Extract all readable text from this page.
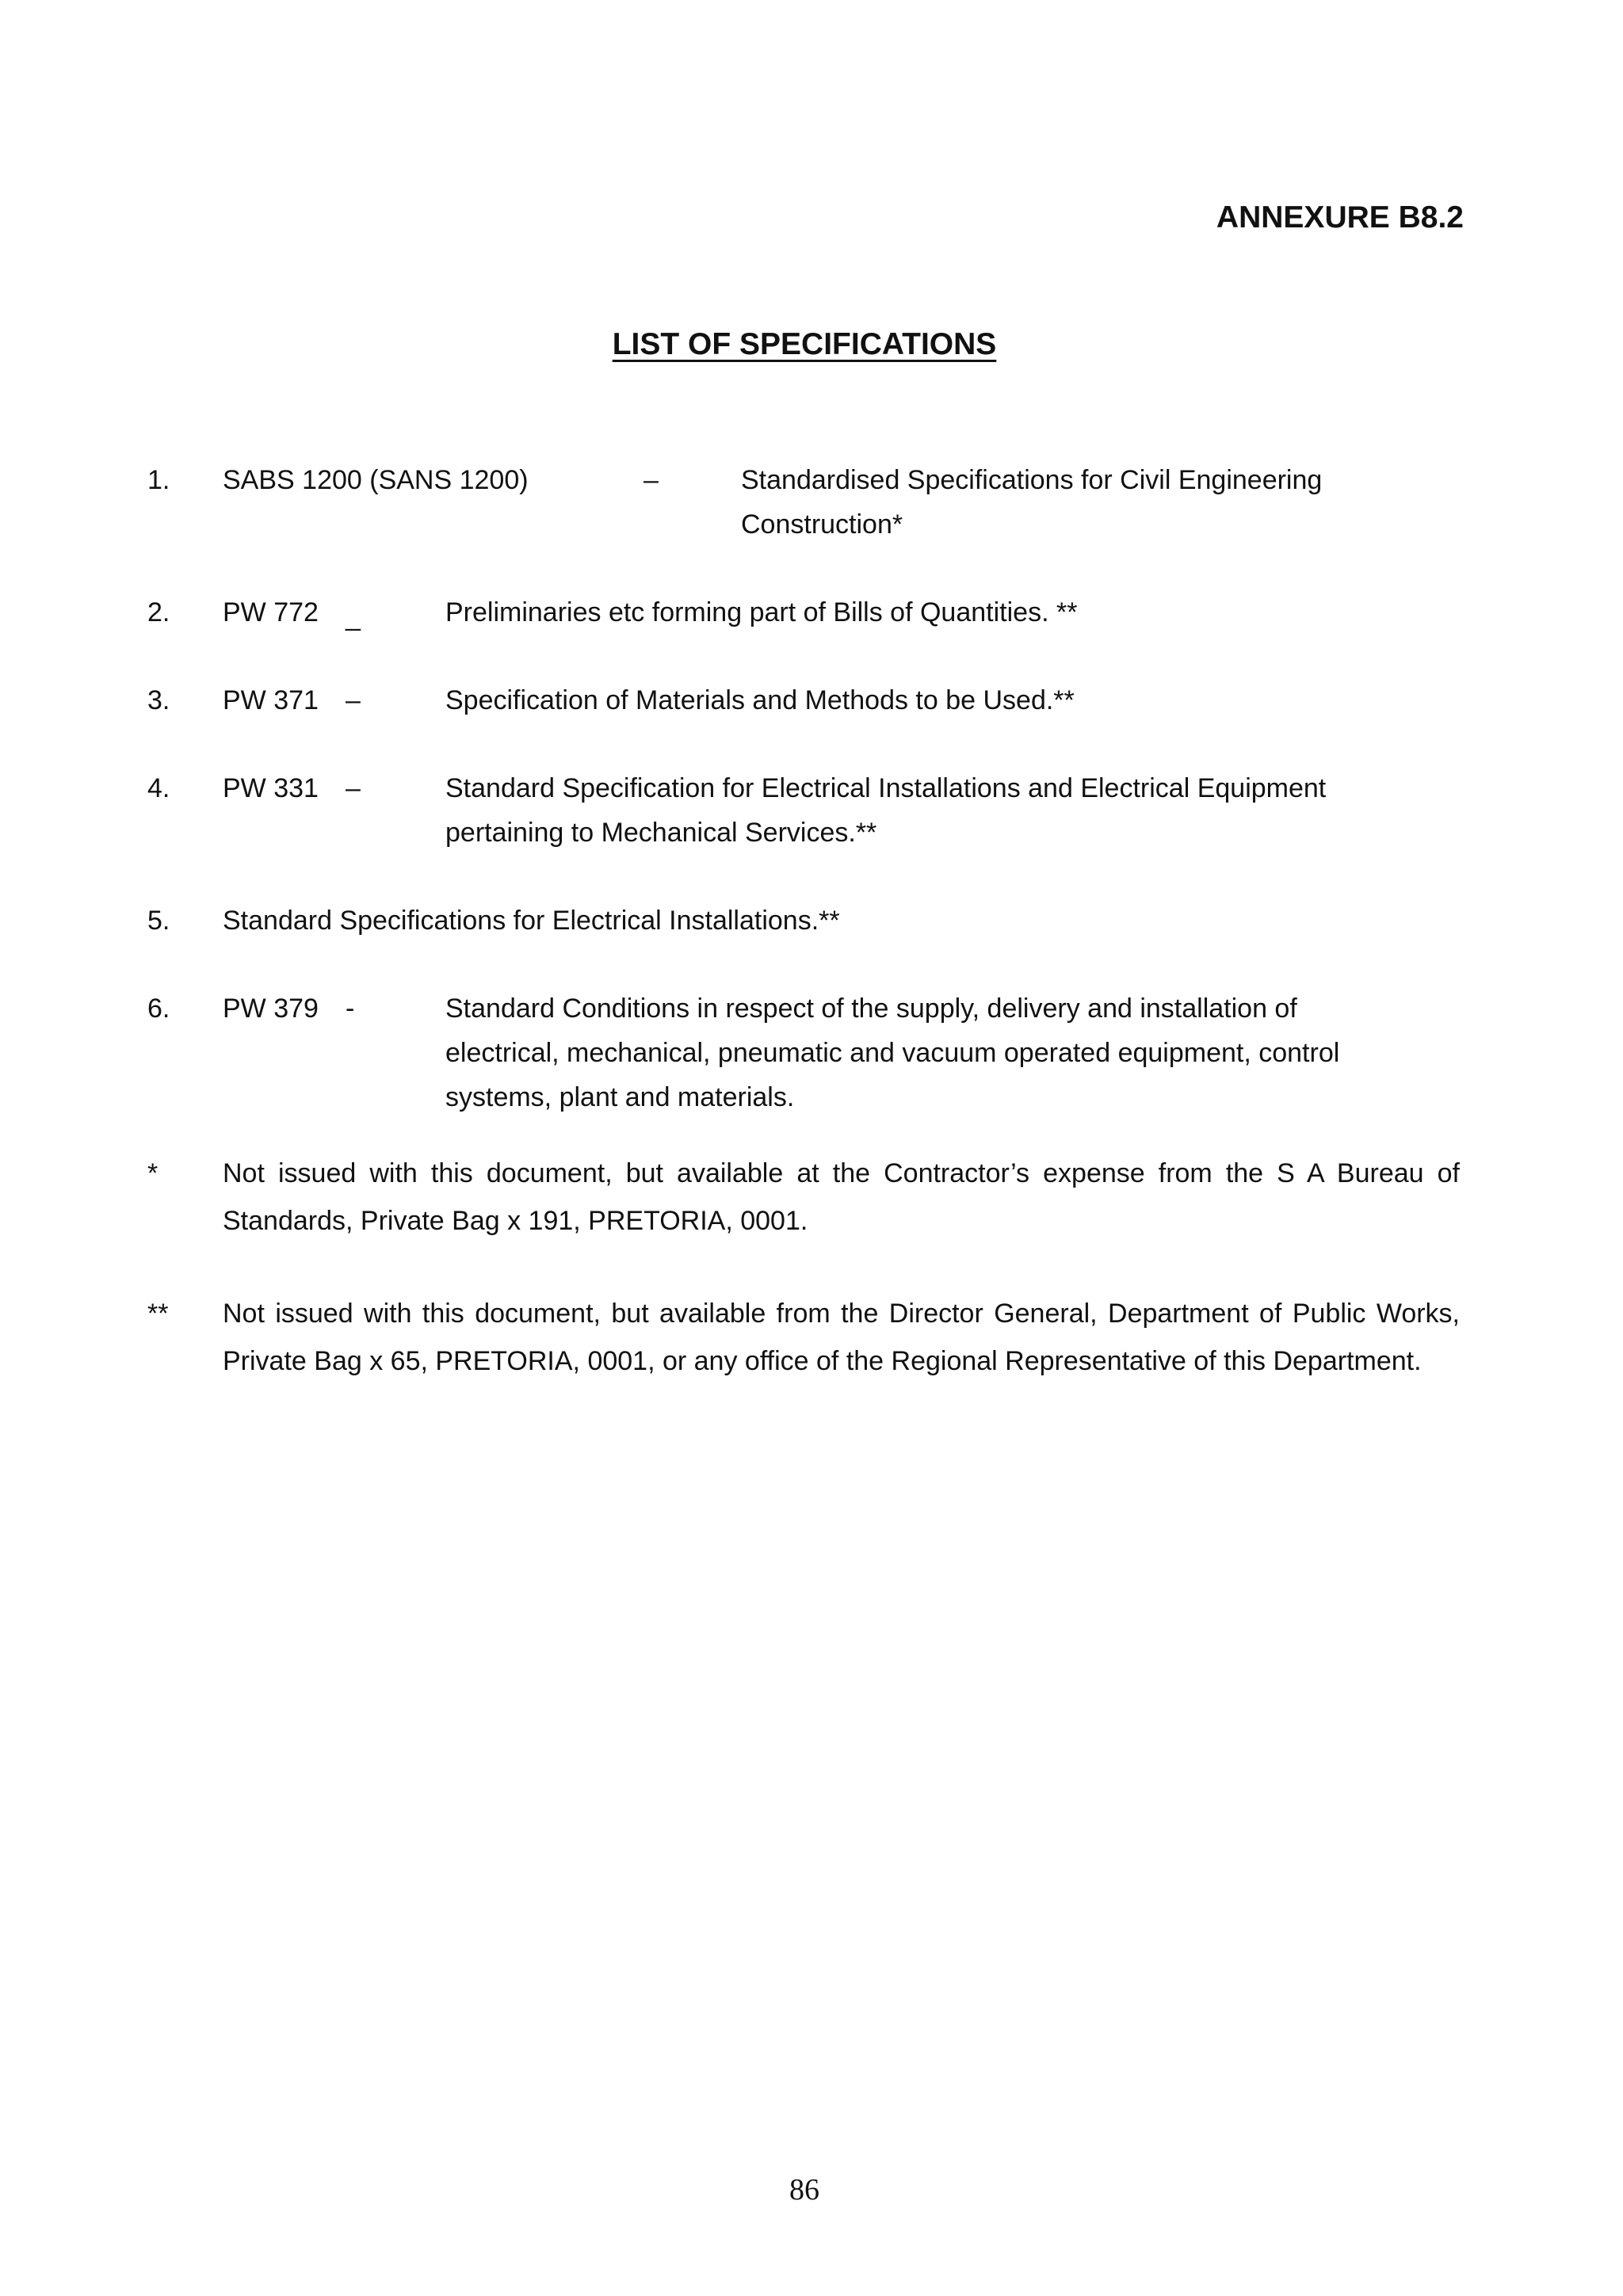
ANNEXURE B8.2
LIST OF SPECIFICATIONS
1. SABS 1200 (SANS 1200)	–	Standardised Specifications for Civil Engineering
Construction*
2. PW 772 _	Preliminaries etc forming part of Bills of Quantities. **
3. PW 371 –	Specification of Materials and Methods to be Used.**
4. PW 331 –	Standard Specification for Electrical Installations and Electrical Equipment
pertaining to Mechanical Services.**
5. Standard Specifications for Electrical Installations.**
6. PW 379 -	Standard Conditions in respect of the supply, delivery and installation of
electrical, mechanical, pneumatic and vacuum operated equipment, control
systems, plant and materials.
* Not issued with this document, but available at the Contractor’s expense from the S A Bureau of Standards, Private Bag x 191, PRETORIA, 0001.
** Not issued with this document, but available from the Director General, Department of Public Works, Private Bag x 65, PRETORIA, 0001, or any office of the Regional Representative of this Department.
86
